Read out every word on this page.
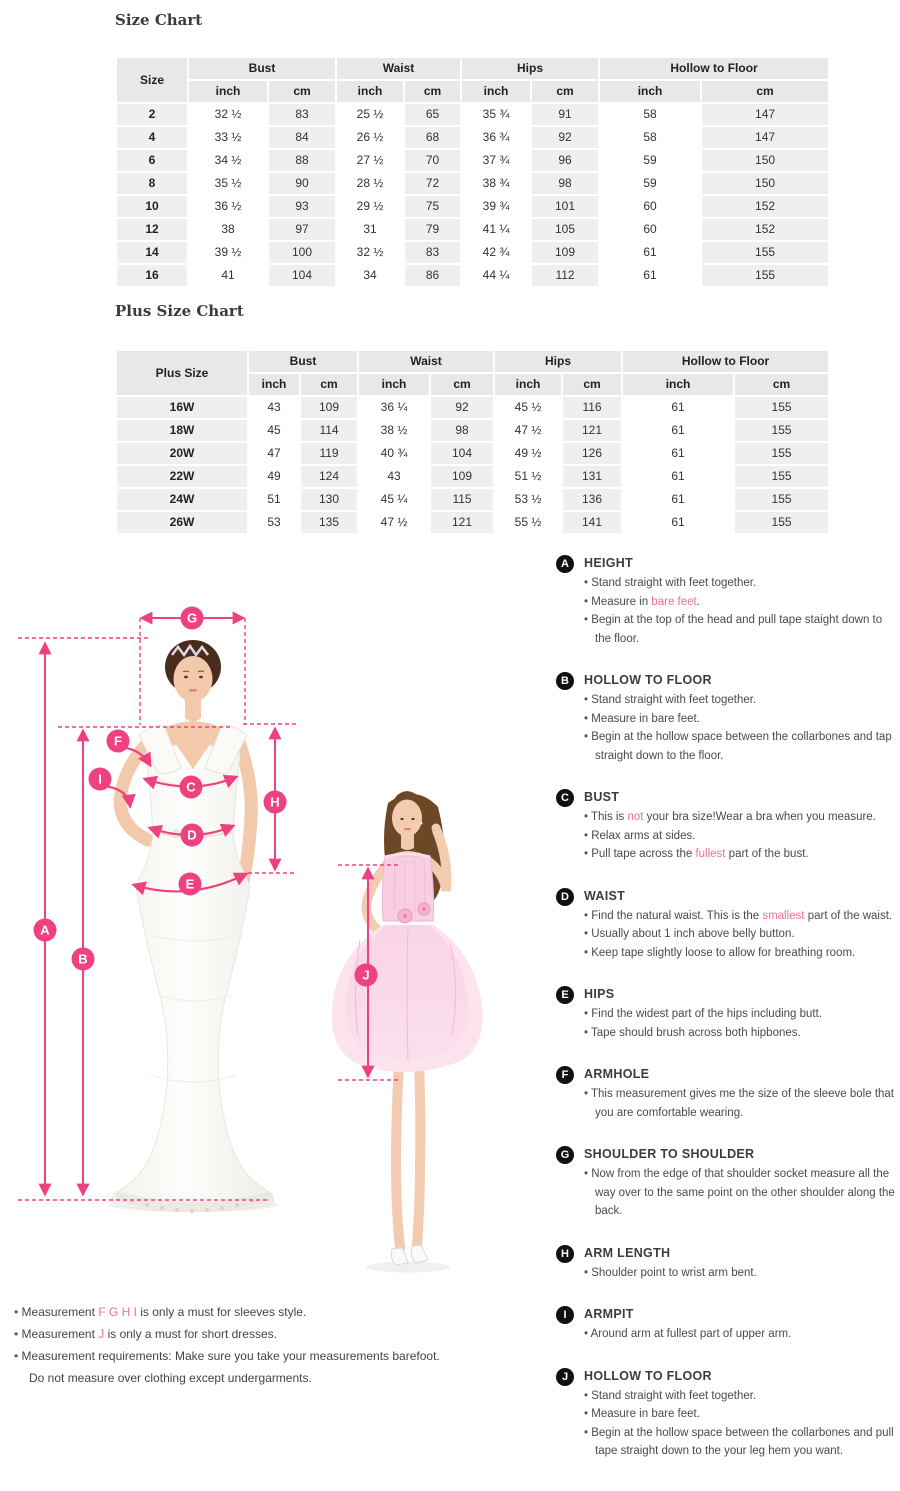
Size Chart
Size	Bust		Waist		Hips		Hollow to Floor	
	inch	cm	inch	cm	inch	cm	inch	cm
2	32 ½	83	25 ½	65	35 ¾	91	58	147
4	33 ½	84	26 ½	68	36 ¾	92	58	147
6	34 ½	88	27 ½	70	37 ¾	96	59	150
8	35 ½	90	28 ½	72	38 ¾	98	59	150
10	36 ½	93	29 ½	75	39 ¾	101	60	152
12	38	97	31	79	41 ¼	105	60	152
14	39 ½	100	32 ½	83	42 ¾	109	61	155
16	41	104	34	86	44 ¼	112	61	155
Plus Size Chart
Plus Size	Bust		Waist		Hips		Hollow to Floor	
	inch	cm	inch	cm	inch	cm	inch	cm
16W	43	109	36 ¼	92	45 ½	116	61	155
18W	45	114	38 ½	98	47 ½	121	61	155
20W	47	119	40 ¾	104	49 ½	126	61	155
22W	49	124	43	109	51 ½	131	61	155
24W	51	130	45 ¼	115	53 ½	136	61	155
26W	53	135	47 ½	121	55 ½	141	61	155
A
B
C
D
E
F
G
H
I
J
A	HEIGHT
• Stand straight with feet together.
• Measure in bare feet.
• Begin at the top of the head and pull tape staight down to the floor.
B	HOLLOW TO FLOOR
• Stand straight with feet together.
• Measure in bare feet.
• Begin at the hollow space between the collarbones and tap straight down to the floor.
C	BUST
• This is not your bra size!Wear a bra when you measure.
• Relax arms at sides.
• Pull tape across the fullest part of the bust.
D	WAIST
• Find the natural waist. This is the smallest part of the waist.
• Usually about 1 inch above belly button.
• Keep tape slightly loose to allow for breathing room.
E	HIPS
• Find the widest part of the hips including butt.
• Tape should brush across both hipbones.
F	ARMHOLE
• This measurement gives me the size of the sleeve bole that you are comfortable wearing.
G	SHOULDER TO SHOULDER
• Now from the edge of that shoulder socket measure all the way over to the same point on the other shoulder along the back.
H	ARM LENGTH
• Shoulder point to wrist arm bent.
I	ARMPIT
• Around arm at fullest part of upper arm.
J	HOLLOW TO FLOOR
• Stand straight with feet together.
• Measure in bare feet.
• Begin at the hollow space between the collarbones and pull tape straight down to the your leg hem you want.
• Measurement F G H I is only a must for sleeves style.
• Measurement J is only a must for short dresses.
• Measurement requirements: Make sure you take your measurements barefoot.
Do not measure over clothing except undergarments.
